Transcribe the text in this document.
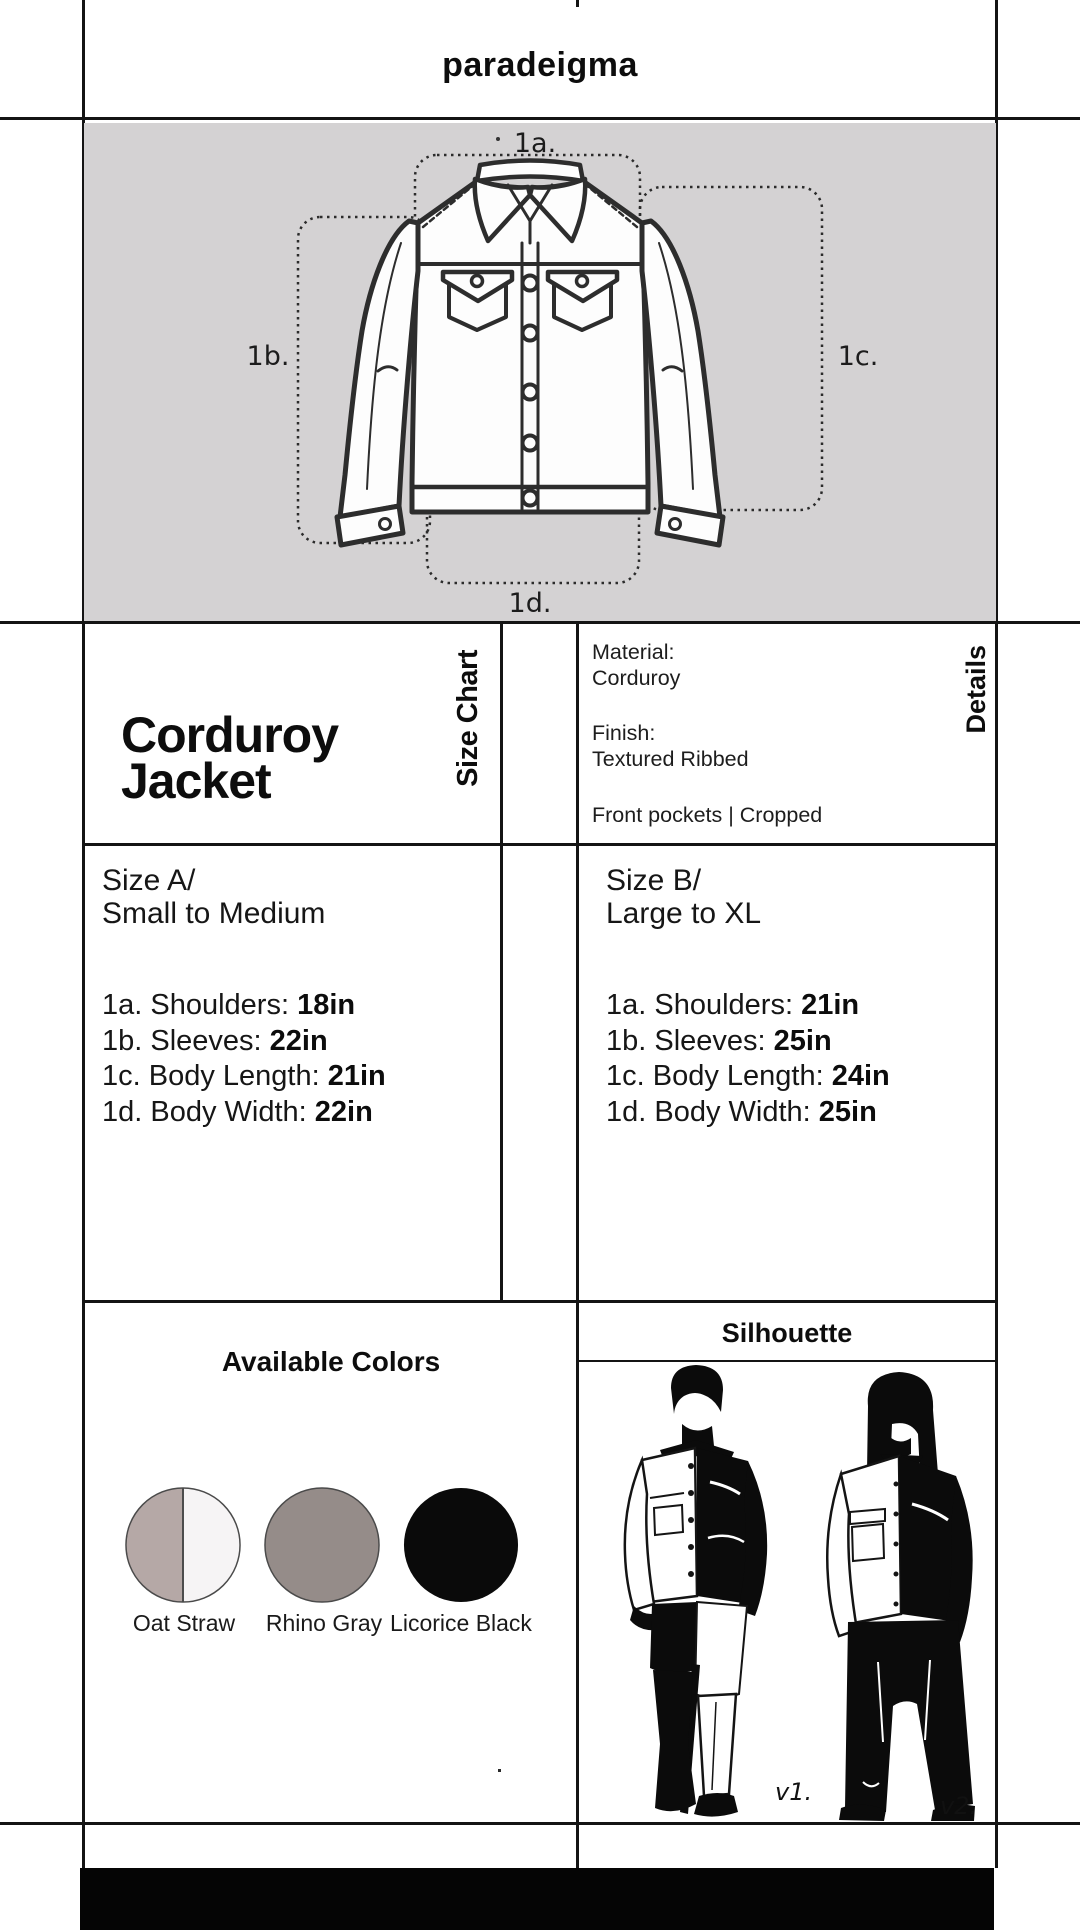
paradeigma
1a.
1b.	1c.
1d.
Corduroy
Jacket	Size Chart	Details
Material:
Corduroy
Finish:
Textured Ribbed
Front pockets | Cropped
Size A/
Small to Medium
1a. Shoulders: 18in
1b. Sleeves: 22in
1c. Body Length: 21in
1d. Body Width: 22in
Size B/
Large to XL
1a. Shoulders: 21in
1b. Sleeves: 25in
1c. Body Length: 24in
1d. Body Width: 25in
Available Colors
Oat Straw	Rhino Gray Licorice Black
Silhouette
v1.	v2.
